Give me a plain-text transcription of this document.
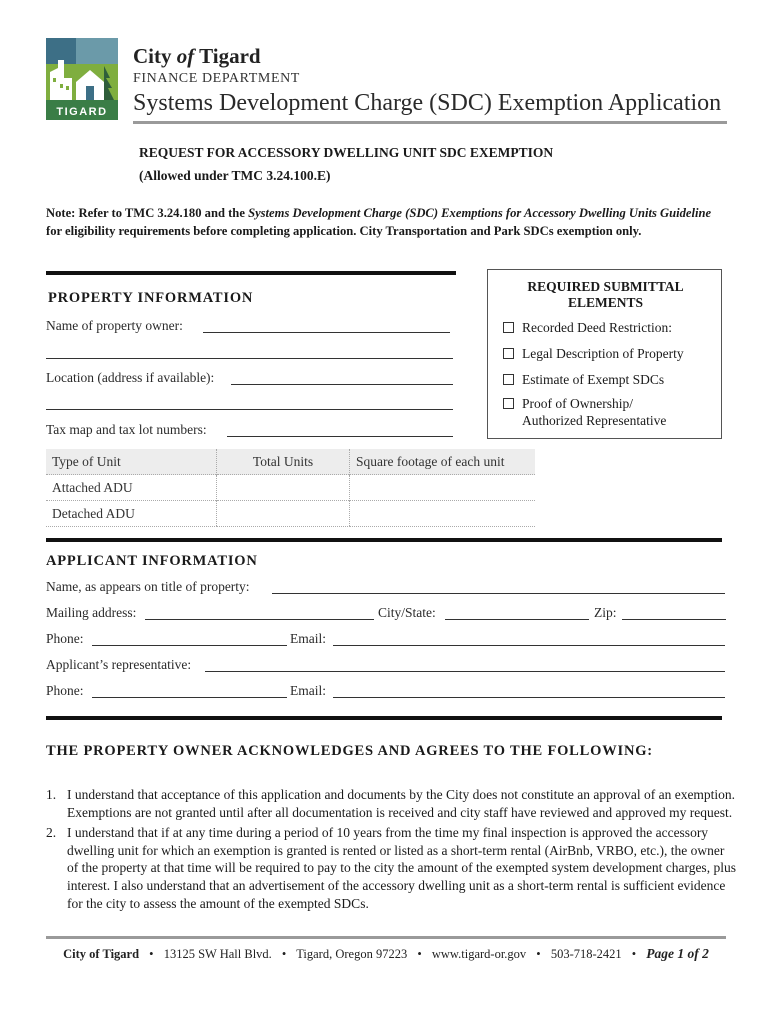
TIGARD
City of Tigard
FINANCE DEPARTMENT
Systems Development Charge (SDC) Exemption Application
REQUEST FOR ACCESSORY DWELLING UNIT SDC EXEMPTION
(Allowed under TMC 3.24.100.E)
Note: Refer to TMC 3.24.180 and the Systems Development Charge (SDC) Exemptions for Accessory Dwelling Units Guideline for eligibility requirements before completing application. City Transportation and Park SDCs exemption only.
PROPERTY INFORMATION
Name of property owner:
Location (address if available):
Tax map and tax lot numbers:
REQUIRED SUBMITTAL ELEMENTS
Recorded Deed Restriction:
Legal Description of Property
Estimate of Exempt SDCs
Proof of Ownership/
Authorized Representative
Type of Unit	Total Units	Square footage of each unit
Attached ADU		
Detached ADU		
APPLICANT INFORMATION
Name, as appears on title of property:
Mailing address:	City/State:	Zip:
Phone:	Email:
Applicant’s representative:
Phone:	Email:
THE PROPERTY OWNER ACKNOWLEDGES AND AGREES TO THE FOLLOWING:
1. I understand that acceptance of this application and documents by the City does not constitute an approval of an exemption. Exemptions are not granted until after all documentation is received and city staff have reviewed and approved my request.
2. I understand that if at any time during a period of 10 years from the time my final inspection is approved the accessory dwelling unit for which an exemption is granted is rented or listed as a short-term rental (AirBnb, VRBO, etc.), the owner of the property at that time will be required to pay to the city the amount of the exempted system development charges, plus interest. I also understand that an advertisement of the accessory dwelling unit as a short-term rental is sufficient evidence for the city to assess the amount of the exempted SDCs.
City of Tigard • 13125 SW Hall Blvd. • Tigard, Oregon 97223 • www.tigard-or.gov • 503-718-2421 • Page 1 of 2
